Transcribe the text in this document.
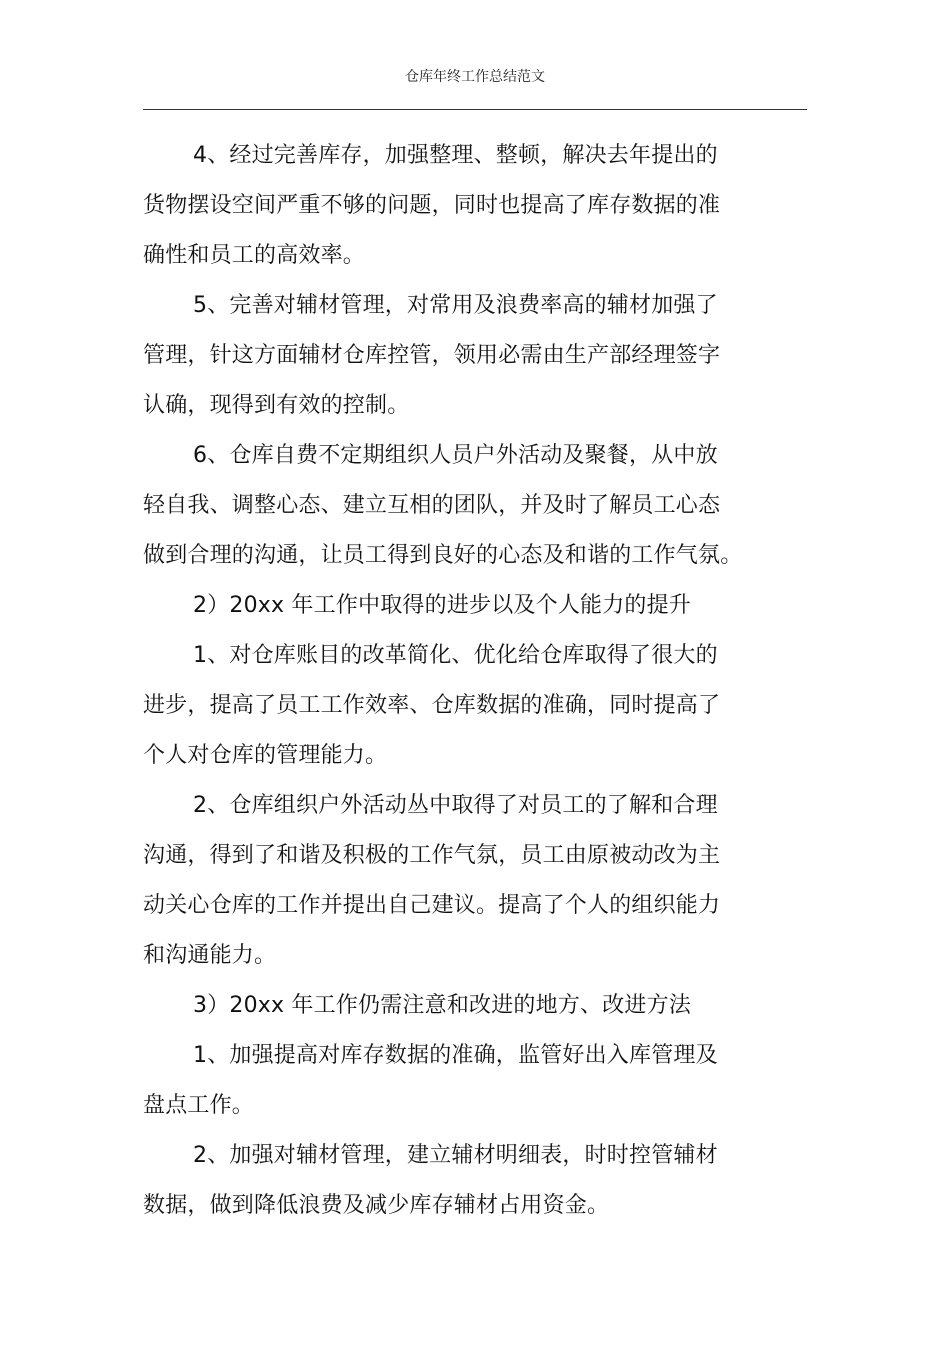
仓库年终工作总结范文

4、经过完善库存，加强整理、整顿，解决去年提出的
货物摆设空间严重不够的问题，同时也提高了库存数据的准
确性和员工的高效率。

5、完善对辅材管理，对常用及浪费率高的辅材加强了
管理，针这方面辅材仓库控管，领用必需由生产部经理签字
认确，现得到有效的控制。

6、仓库自费不定期组织人员户外活动及聚餐，从中放
轻自我、调整心态、建立互相的团队，并及时了解员工心态
做到合理的沟通，让员工得到良好的心态及和谐的工作气氛。

2）20xx 年工作中取得的进步以及个人能力的提升

1、对仓库账目的改革简化、优化给仓库取得了很大的
进步，提高了员工工作效率、仓库数据的准确，同时提高了
个人对仓库的管理能力。

2、仓库组织户外活动丛中取得了对员工的了解和合理
沟通，得到了和谐及积极的工作气氛，员工由原被动改为主
动关心仓库的工作并提出自己建议。提高了个人的组织能力
和沟通能力。

3）20xx 年工作仍需注意和改进的地方、改进方法

1、加强提高对库存数据的准确，监管好出入库管理及
盘点工作。

2、加强对辅材管理，建立辅材明细表，时时控管辅材
数据，做到降低浪费及减少库存辅材占用资金。
